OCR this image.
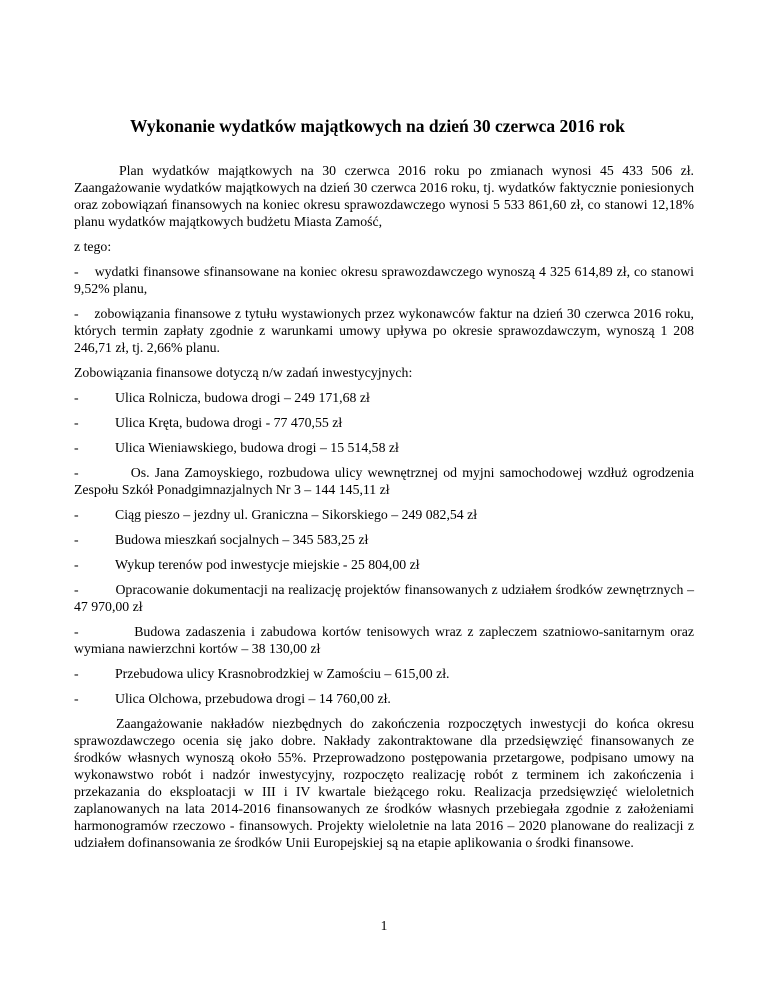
Wykonanie wydatków majątkowych na dzień 30 czerwca 2016 rok

Plan wydatków majątkowych na 30 czerwca 2016 roku po zmianach wynosi 45 433 506 zł. Zaangażowanie wydatków majątkowych na dzień 30 czerwca 2016 roku, tj. wydatków faktycznie poniesionych oraz zobowiązań finansowych na koniec okresu sprawozdawczego wynosi 5 533 861,60 zł, co stanowi 12,18% planu wydatków majątkowych budżetu Miasta Zamość,

z tego:

- wydatki finansowe sfinansowane na koniec okresu sprawozdawczego wynoszą 4 325 614,89 zł, co stanowi 9,52% planu,

- zobowiązania finansowe z tytułu wystawionych przez wykonawców faktur na dzień 30 czerwca 2016 roku, których termin zapłaty zgodnie z warunkami umowy upływa po okresie sprawozdawczym, wynoszą 1 208 246,71 zł, tj. 2,66% planu.

Zobowiązania finansowe dotyczą n/w zadań inwestycyjnych:

-	Ulica Rolnicza, budowa drogi – 249 171,68 zł

-	Ulica Kręta, budowa drogi - 77 470,55 zł

-	Ulica Wieniawskiego, budowa drogi – 15 514,58 zł

-	Os. Jana Zamoyskiego, rozbudowa ulicy wewnętrznej od myjni samochodowej wzdłuż ogrodzenia Zespołu Szkół Ponadgimnazjalnych Nr 3 – 144 145,11 zł

-	Ciąg pieszo – jezdny ul. Graniczna – Sikorskiego – 249 082,54 zł

-	Budowa mieszkań socjalnych – 345 583,25 zł

-	Wykup terenów pod inwestycje miejskie - 25 804,00 zł

-	Opracowanie dokumentacji na realizację projektów finansowanych z udziałem środków zewnętrznych – 47 970,00 zł

-	Budowa zadaszenia i zabudowa kortów tenisowych wraz z zapleczem szatniowo-sanitarnym oraz wymiana nawierzchni kortów – 38 130,00 zł

-	Przebudowa ulicy Krasnobrodzkiej w Zamościu – 615,00 zł.

-	Ulica Olchowa, przebudowa drogi – 14 760,00 zł.

Zaangażowanie nakładów niezbędnych do zakończenia rozpoczętych inwestycji do końca okresu sprawozdawczego ocenia się jako dobre. Nakłady zakontraktowane dla przedsięwzięć finansowanych ze środków własnych wynoszą około 55%. Przeprowadzono postępowania przetargowe, podpisano umowy na wykonawstwo robót i nadzór inwestycyjny, rozpoczęto realizację robót z terminem ich zakończenia i przekazania do eksploatacji w III i IV kwartale bieżącego roku. Realizacja przedsięwzięć wieloletnich zaplanowanych na lata 2014-2016 finansowanych ze środków własnych przebiegała zgodnie z założeniami harmonogramów rzeczowo - finansowych. Projekty wieloletnie na lata 2016 – 2020 planowane do realizacji z udziałem dofinansowania ze środków Unii Europejskiej są na etapie aplikowania o środki finansowe.

1
